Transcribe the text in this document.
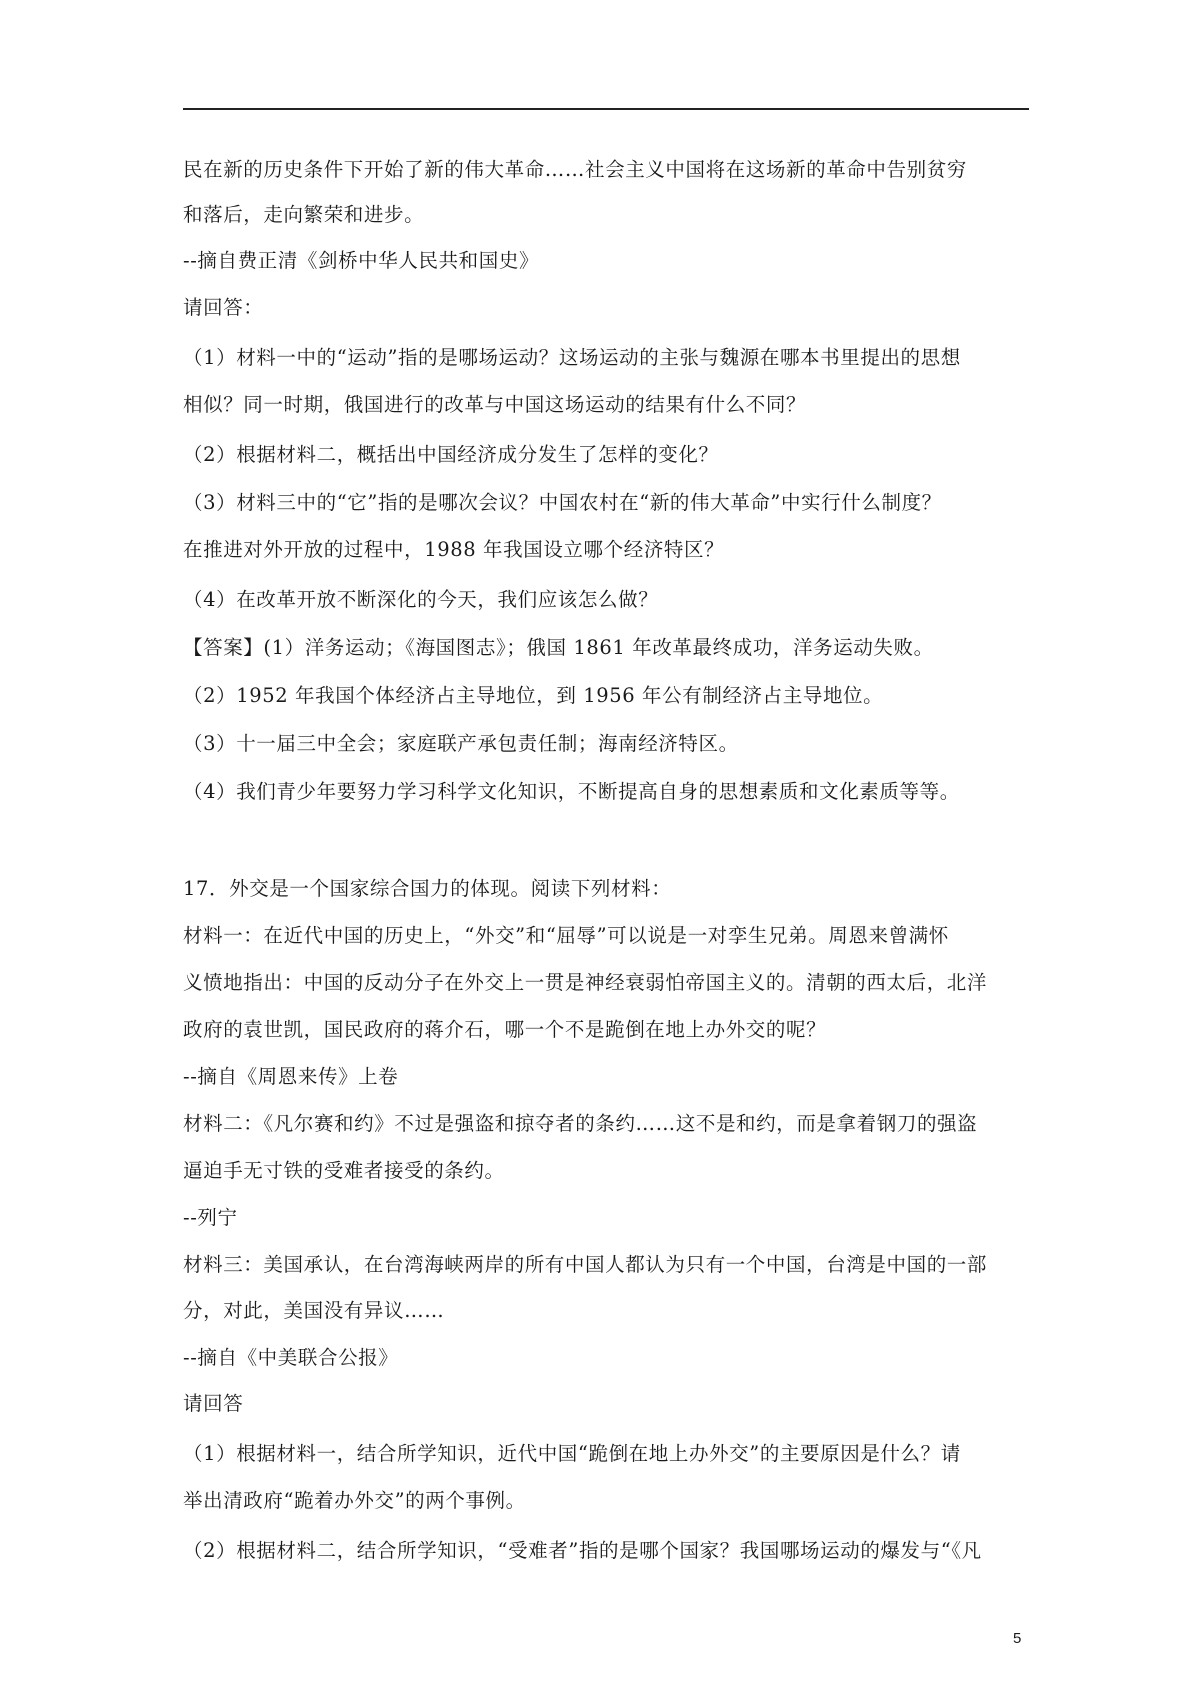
民在新的历史条件下开始了新的伟大革命……社会主义中国将在这场新的革命中告别贫穷
和落后，走向繁荣和进步。
--摘自费正清《剑桥中华人民共和国史》
请回答：
（1）材料一中的“运动”指的是哪场运动？这场运动的主张与魏源在哪本书里提出的思想
相似？同一时期，俄国进行的改革与中国这场运动的结果有什么不同？
（2）根据材料二，概括出中国经济成分发生了怎样的变化？
（3）材料三中的“它”指的是哪次会议？中国农村在“新的伟大革命”中实行什么制度？
在推进对外开放的过程中，1988 年我国设立哪个经济特区？
（4）在改革开放不断深化的今天，我们应该怎么做？
【答案】(1）洋务运动；《海国图志》；俄国 1861 年改革最终成功，洋务运动失败。
（2）1952 年我国个体经济占主导地位，到 1956 年公有制经济占主导地位。
（3）十一届三中全会；家庭联产承包责任制；海南经济特区。
（4）我们青少年要努力学习科学文化知识，不断提高自身的思想素质和文化素质等等。
17．外交是一个国家综合国力的体现。阅读下列材料：
材料一：在近代中国的历史上，“外交”和“屈辱”可以说是一对孪生兄弟。周恩来曾满怀
义愤地指出：中国的反动分子在外交上一贯是神经衰弱怕帝国主义的。清朝的西太后，北洋
政府的袁世凯，国民政府的蒋介石，哪一个不是跪倒在地上办外交的呢？
--摘自《周恩来传》上卷
材料二：《凡尔赛和约》不过是强盗和掠夺者的条约……这不是和约，而是拿着钢刀的强盗
逼迫手无寸铁的受难者接受的条约。
--列宁
材料三：美国承认，在台湾海峡两岸的所有中国人都认为只有一个中国，台湾是中国的一部
分，对此，美国没有异议……
--摘自《中美联合公报》
请回答
（1）根据材料一，结合所学知识，近代中国“跪倒在地上办外交”的主要原因是什么？请
举出清政府“跪着办外交”的两个事例。
（2）根据材料二，结合所学知识，“受难者”指的是哪个国家？我国哪场运动的爆发与“《凡
5
